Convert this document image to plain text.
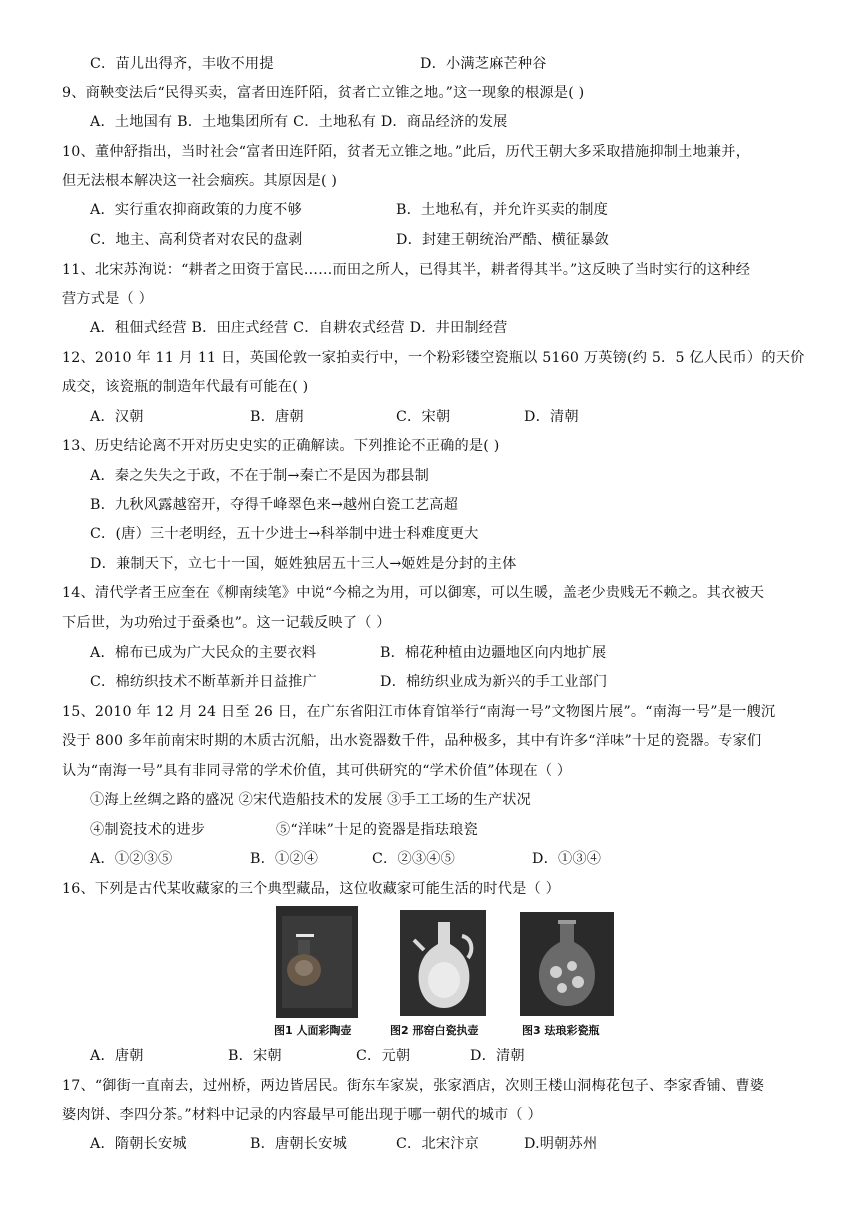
C．苗儿出得齐，丰收不用提	D．小满芝麻芒种谷
9、商鞅变法后“民得买卖，富者田连阡陌，贫者亡立锥之地。”这一现象的根源是( )
A．土地国有 B．土地集团所有 C．土地私有 D．商品经济的发展
10、董仲舒指出，当时社会“富者田连阡陌，贫者无立锥之地。”此后，历代王朝大多采取措施抑制土地兼并，
但无法根本解决这一社会痼疾。其原因是( )
A．实行重农抑商政策的力度不够	B．土地私有，并允许买卖的制度
C．地主、高利贷者对农民的盘剥	D．封建王朝统治严酷、横征暴敛
11、北宋苏洵说：“耕者之田资于富民……而田之所人，已得其半，耕者得其半。”这反映了当时实行的这种经
营方式是（ ）
A．租佃式经营 B．田庄式经营 C．自耕农式经营 D．井田制经营
12、2010 年 11 月 11 日，英国伦敦一家拍卖行中，一个粉彩镂空瓷瓶以 5160 万英镑(约 5．5 亿人民币）的天价
成交，该瓷瓶的制造年代最有可能在( )
A．汉朝	B．唐朝	C．宋朝	D．清朝
13、历史结论离不开对历史史实的正确解读。下列推论不正确的是( )
A．秦之失失之于政，不在于制→秦亡不是因为郡县制
B．九秋风露越窑开，夺得千峰翠色来→越州白瓷工艺高超
C．(唐）三十老明经，五十少进士→科举制中进士科难度更大
D．兼制天下，立七十一国，姬姓独居五十三人→姬姓是分封的主体
14、清代学者王应奎在《柳南续笔》中说“今棉之为用，可以御寒，可以生暖，盖老少贵贱无不赖之。其衣被天
下后世，为功殆过于蚕桑也”。这一记载反映了（ ）
A．棉布已成为广大民众的主要衣料	B．棉花种植由边疆地区向内地扩展
C．棉纺织技术不断革新并日益推广	D．棉纺织业成为新兴的手工业部门
15、2010 年 12 月 24 日至 26 日，在广东省阳江市体育馆举行“南海一号”文物图片展”。“南海一号”是一艘沉
没于 800 多年前南宋时期的木质古沉船，出水瓷器数千件，品种极多，其中有许多“洋味”十足的瓷器。专家们
认为“南海一号”具有非同寻常的学术价值，其可供研究的“学术价值”体现在（ ）
①海上丝绸之路的盛况 ②宋代造船技术的发展 ③手工工场的生产状况
④制瓷技术的进步	⑤“洋味”十足的瓷器是指珐琅瓷
A．①②③⑤	B．①②④	C．②③④⑤	D．①③④
16、下列是古代某收藏家的三个典型藏品，这位收藏家可能生活的时代是（ ）
图1 人面彩陶壶	图2 邢窑白瓷执壶	图3 珐琅彩瓷瓶
A．唐朝	B．宋朝	C．元朝	D．清朝
17、“御街一直南去，过州桥，两边皆居民。街东车家炭，张家酒店，次则王楼山洞梅花包子、李家香铺、曹婆
婆肉饼、李四分茶。”材料中记录的内容最早可能出现于哪一朝代的城市（ ）
A．隋朝长安城	B．唐朝长安城	C．北宋汴京	D.明朝苏州
